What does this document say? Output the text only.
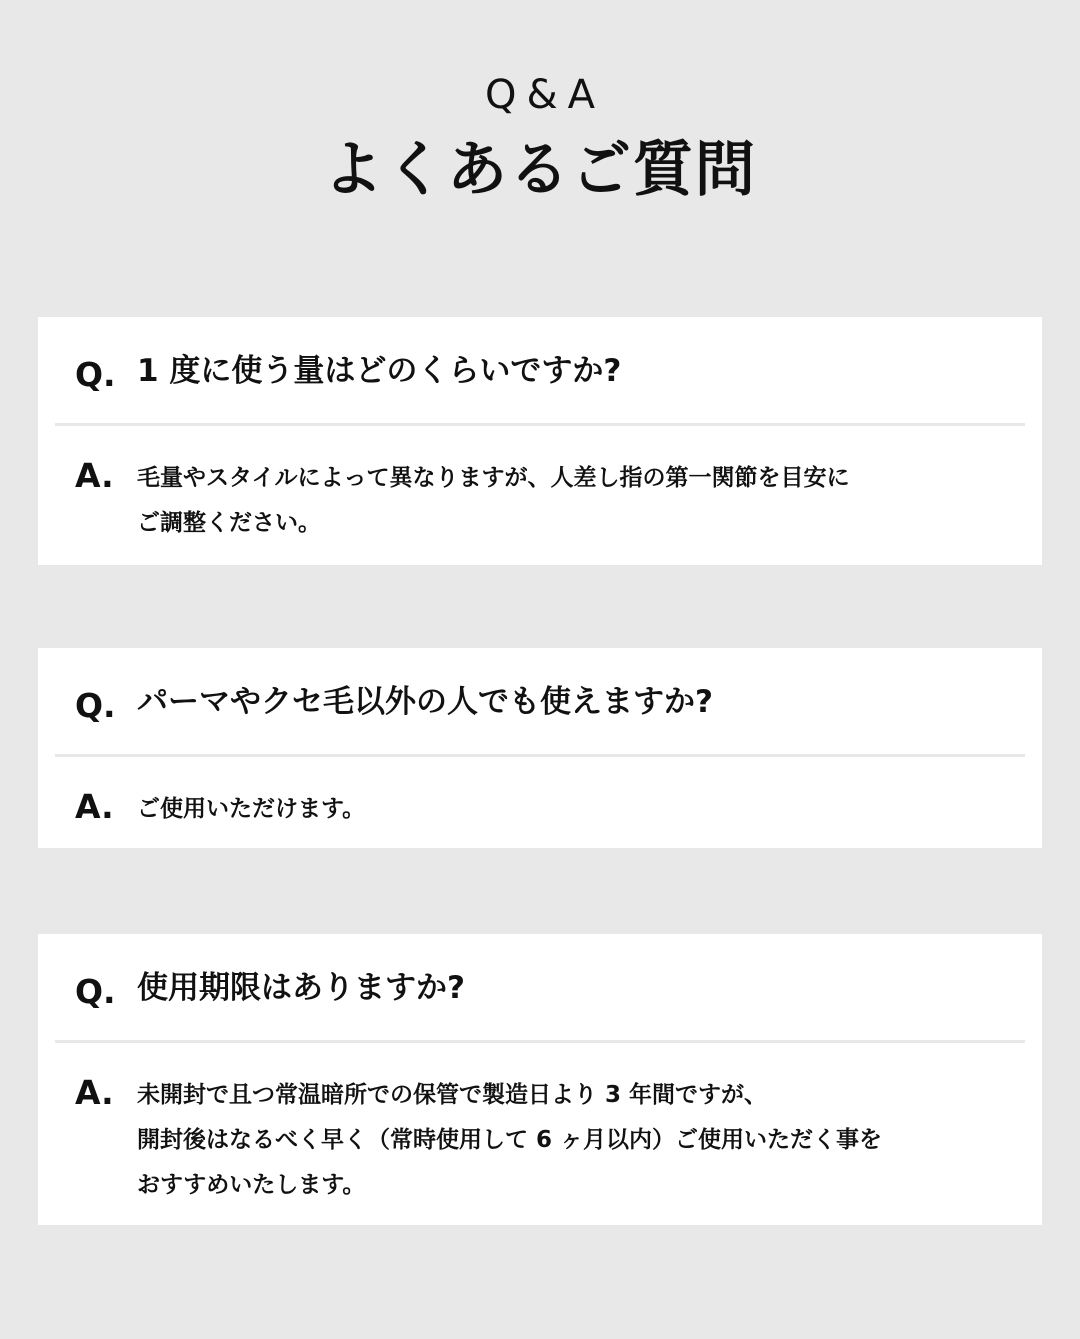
Q&A
よくあるご質問
Q. 1 度に使う量はどのくらいですか?
A. 毛量やスタイルによって異なりますが、人差し指の第一関節を目安に
ご調整ください。
Q. パーマやクセ毛以外の人でも使えますか?
A. ご使用いただけます。
Q. 使用期限はありますか?
A. 未開封で且つ常温暗所での保管で製造日より 3 年間ですが、
開封後はなるべく早く（常時使用して 6 ヶ月以内）ご使用いただく事を
おすすめいたします。
